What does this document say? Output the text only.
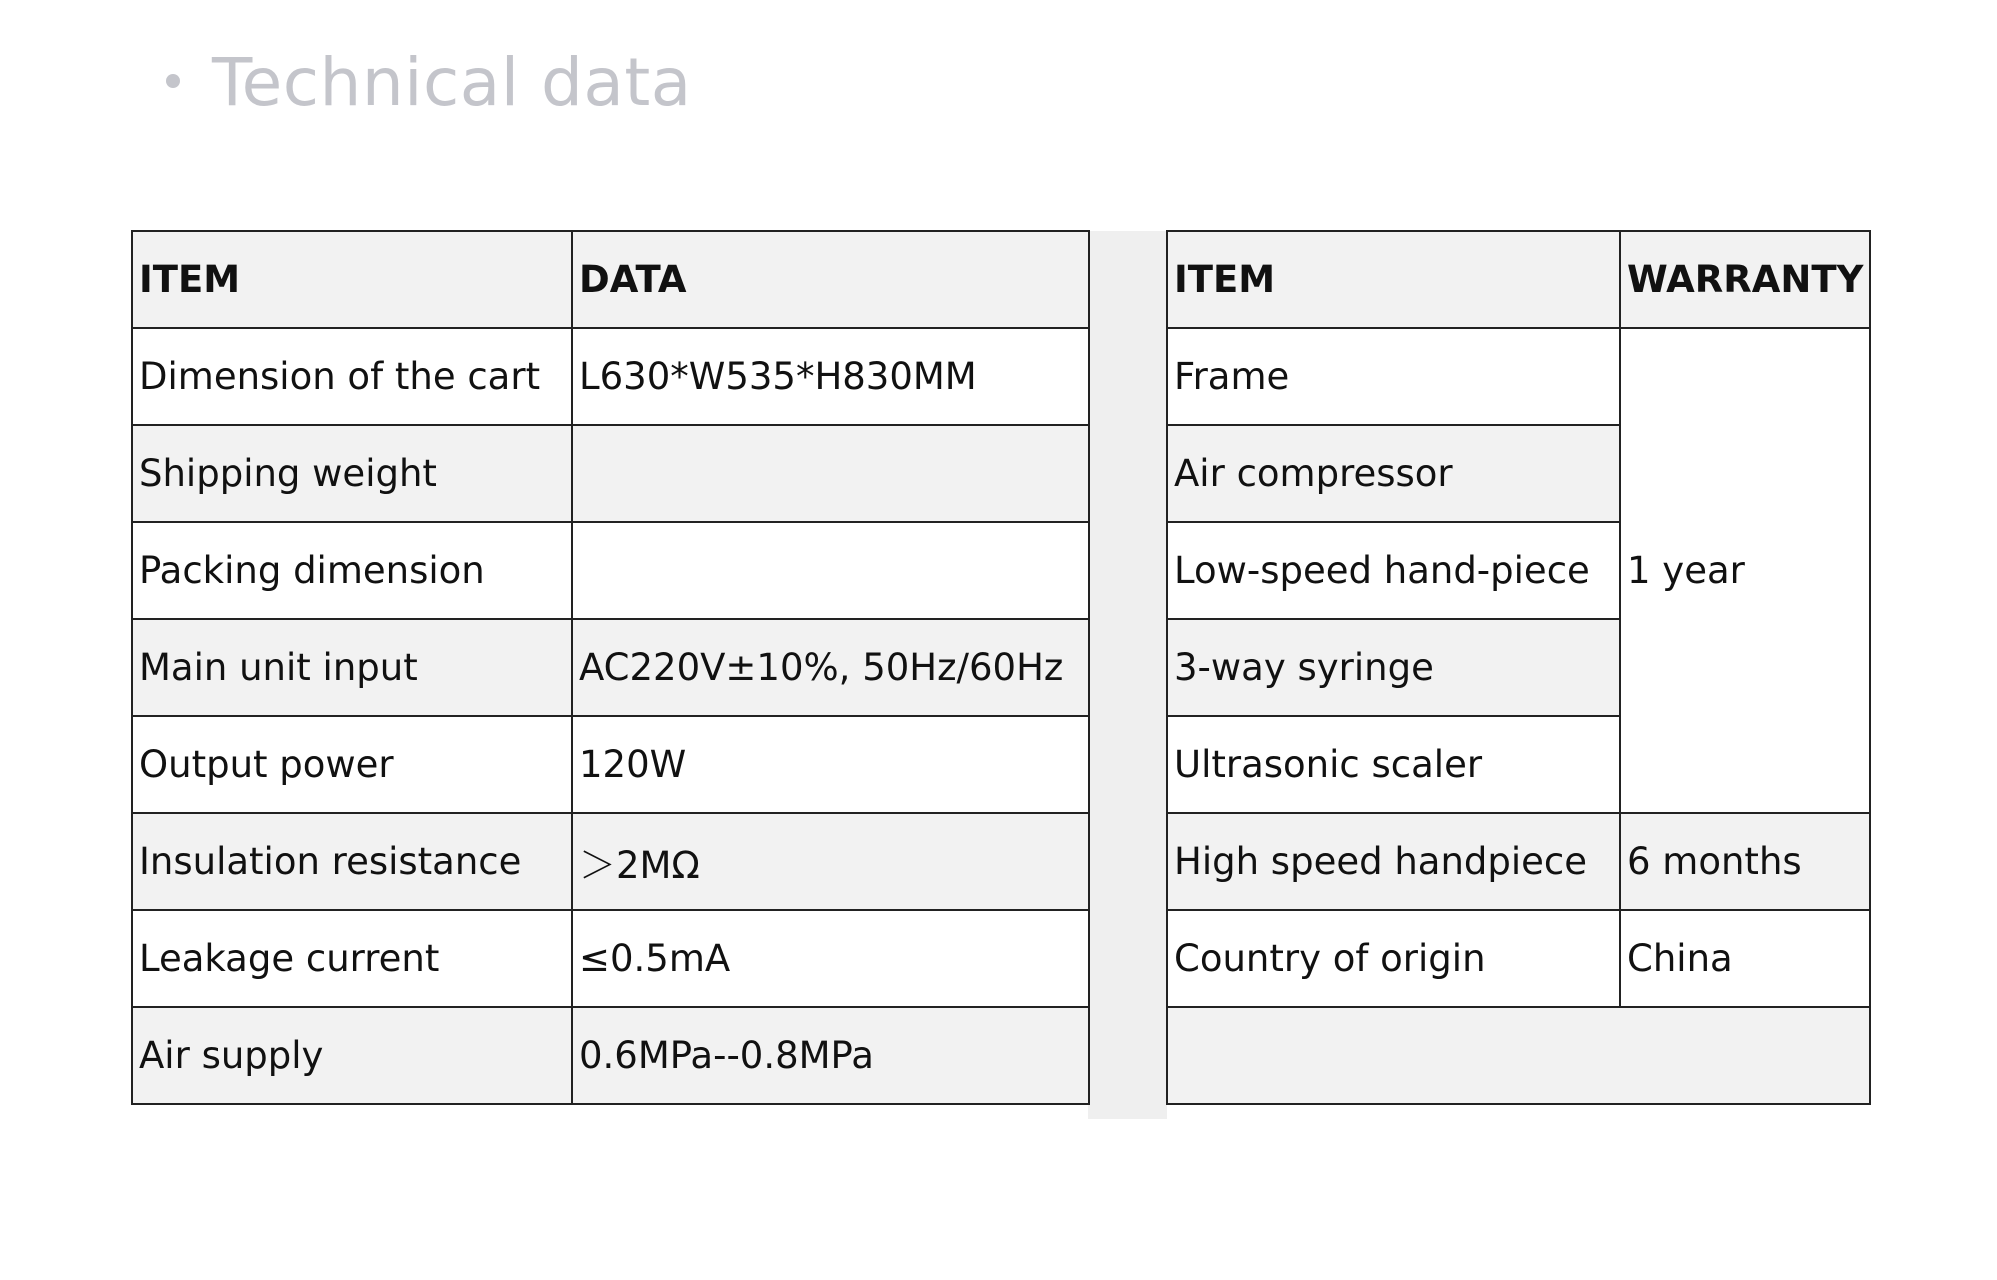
Technical data
ITEM	DATA
Dimension of the cart	L630*W535*H830MM
Shipping weight	
Packing dimension	
Main unit input	AC220V±10%, 50Hz/60Hz
Output power	120W
Insulation resistance	＞2MΩ
Leakage current	≤0.5mA
Air supply	0.6MPa--0.8MPa
ITEM	WARRANTY
Frame	1 year
Air compressor	
Low-speed hand-piece	
3-way syringe	
Ultrasonic scaler	
High speed handpiece	6 months
Country of origin	China
